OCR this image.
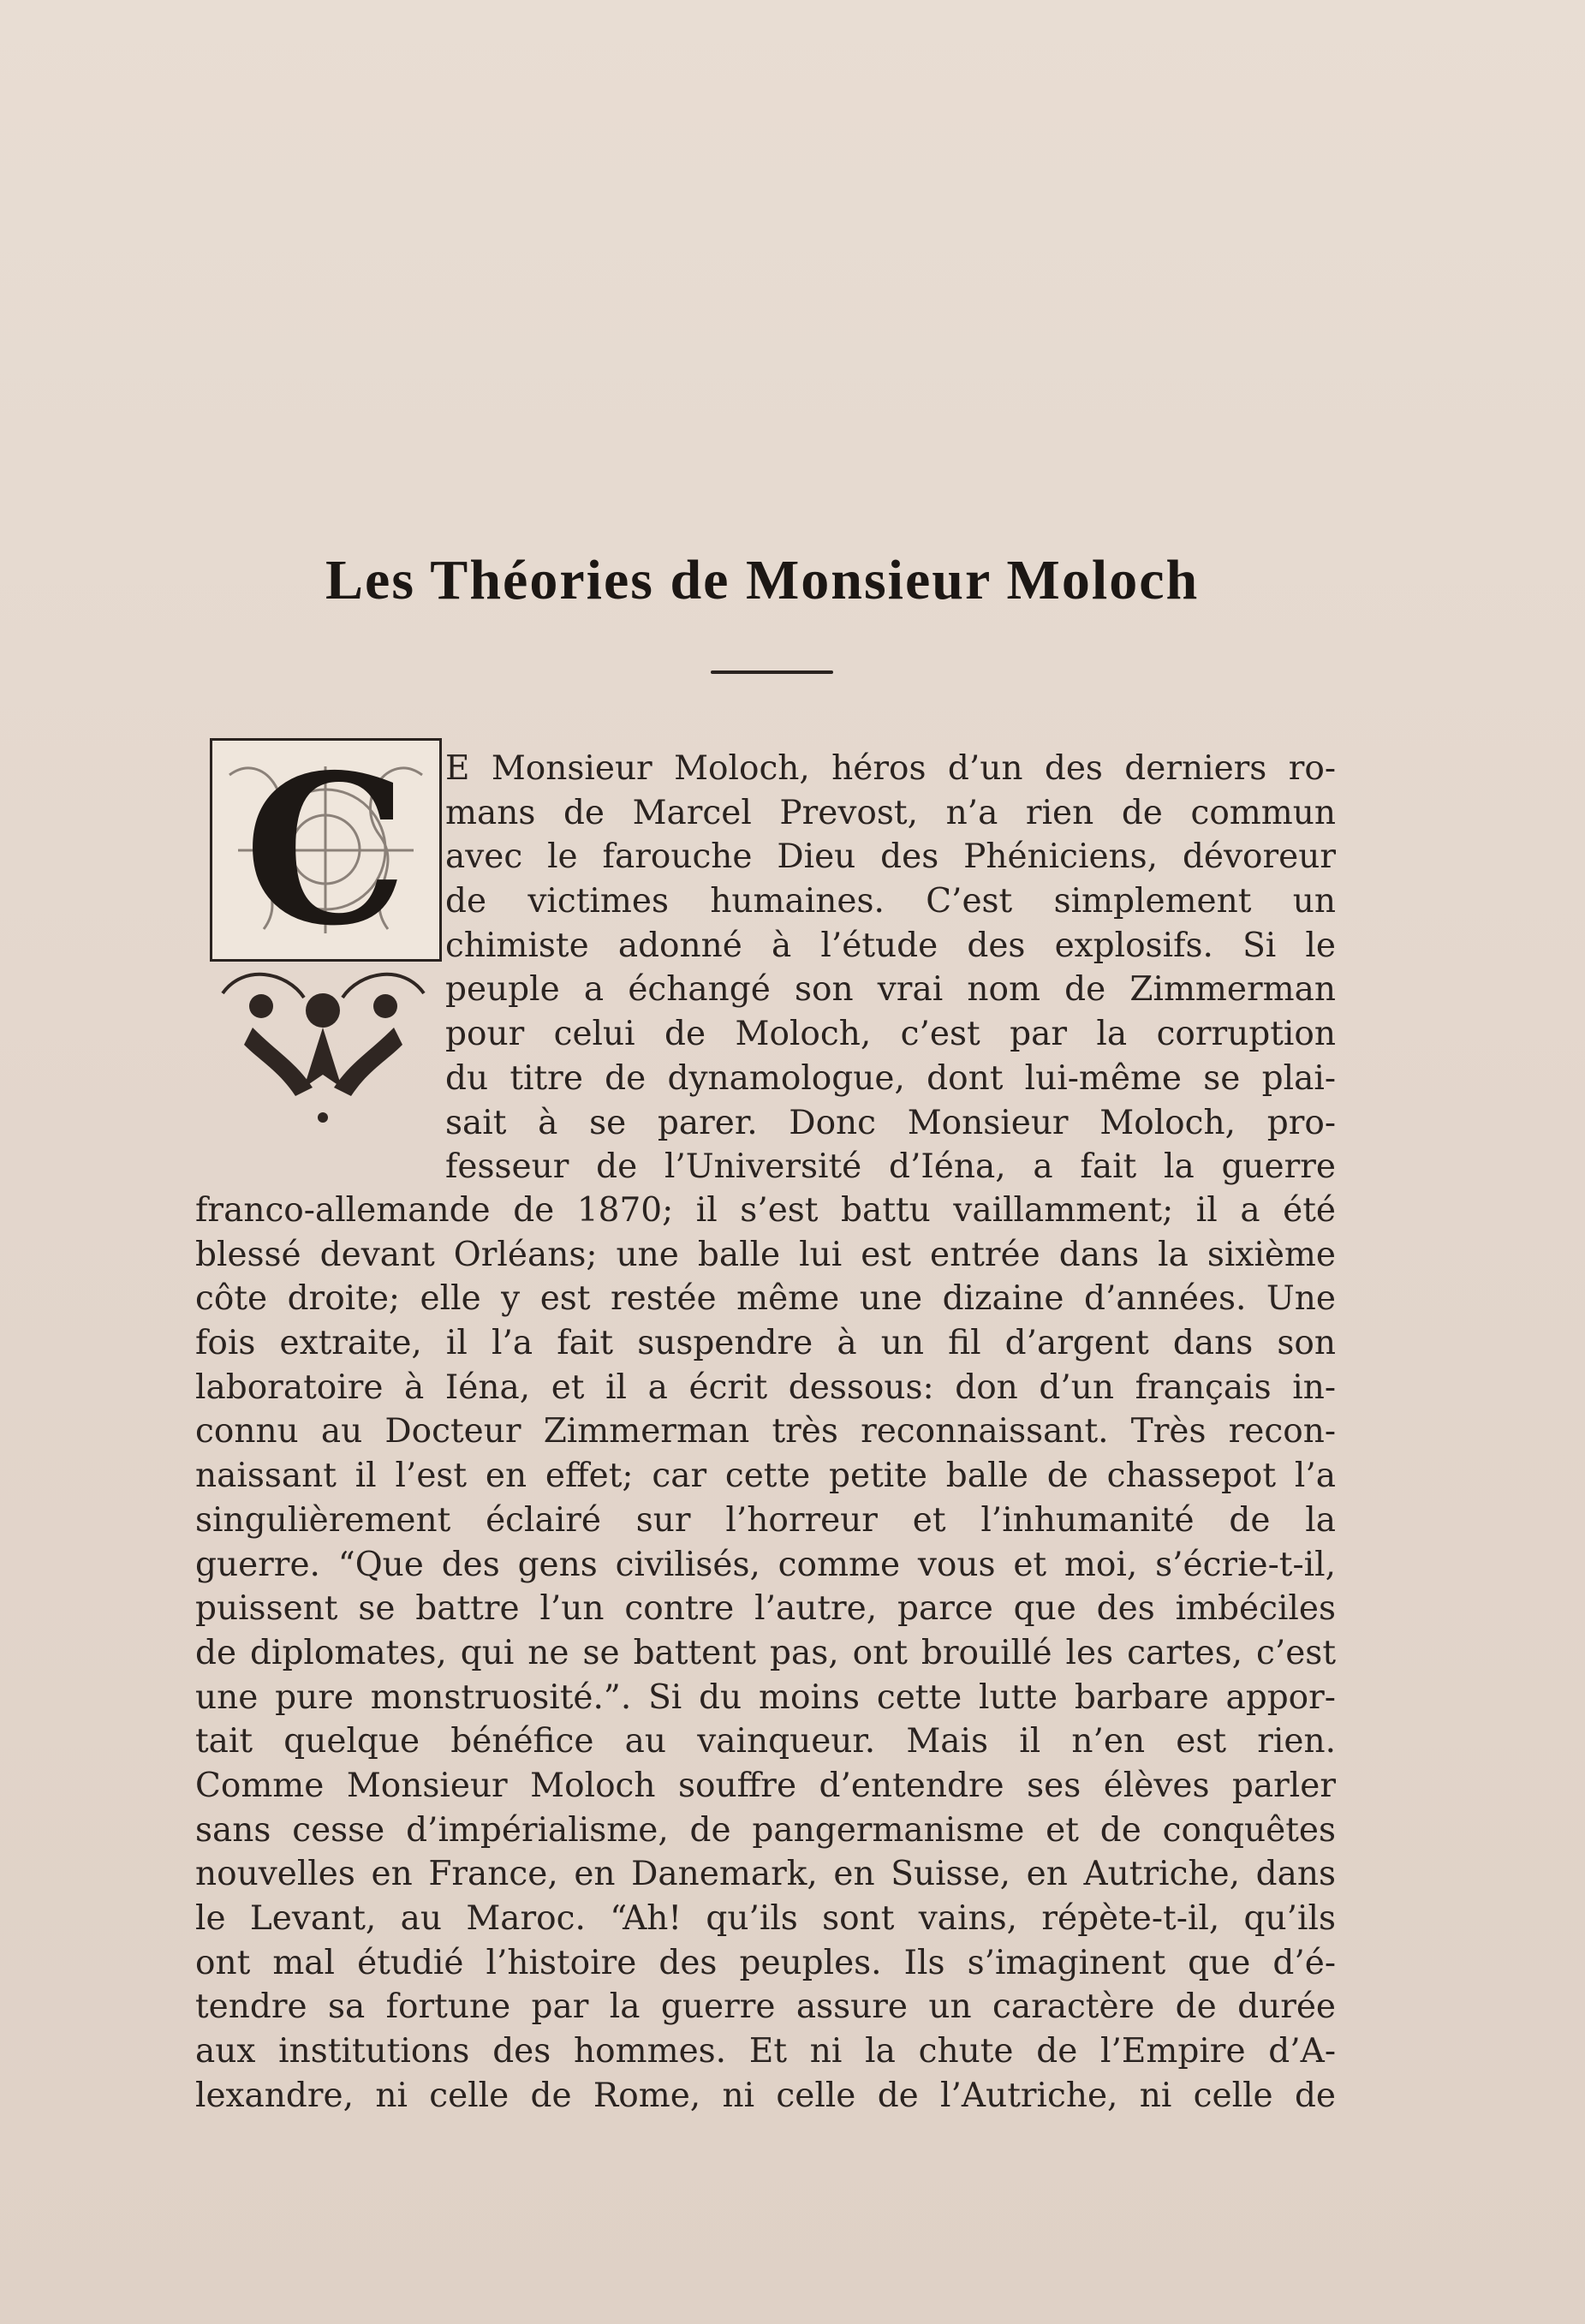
Les Théories de Monsieur Moloch
C	E Monsieur Moloch, héros d’un des derniers ro-
mans de Marcel Prevost, n’a rien de commun
avec le farouche Dieu des Phéniciens, dévoreur
de victimes humaines. C’est simplement un
chimiste adonné à l’étude des explosifs. Si le
peuple a échangé son vrai nom de Zimmerman
pour celui de Moloch, c’est par la corruption
du titre de dynamologue, dont lui-même se plai-
sait à se parer. Donc Monsieur Moloch, pro-
fesseur de l’Université d’Iéna, a fait la guerre
franco-allemande de 1870; il s’est battu vaillamment; il a été
blessé devant Orléans; une balle lui est entrée dans la sixième
côte droite; elle y est restée même une dizaine d’années. Une
fois extraite, il l’a fait suspendre à un fil d’argent dans son
laboratoire à Iéna, et il a écrit dessous: don d’un français in-
connu au Docteur Zimmerman très reconnaissant. Très recon-
naissant il l’est en effet; car cette petite balle de chassepot l’a
singulièrement éclairé sur l’horreur et l’inhumanité de la
guerre. “Que des gens civilisés, comme vous et moi, s’écrie-t-il,
puissent se battre l’un contre l’autre, parce que des imbéciles
de diplomates, qui ne se battent pas, ont brouillé les cartes, c’est
une pure monstruosité.”. Si du moins cette lutte barbare appor-
tait quelque bénéfice au vainqueur. Mais il n’en est rien.
Comme Monsieur Moloch souffre d’entendre ses élèves parler
sans cesse d’impérialisme, de pangermanisme et de conquêtes
nouvelles en France, en Danemark, en Suisse, en Autriche, dans
le Levant, au Maroc. “Ah! qu’ils sont vains, répète-t-il, qu’ils
ont mal étudié l’histoire des peuples. Ils s’imaginent que d’é-
tendre sa fortune par la guerre assure un caractère de durée
aux institutions des hommes. Et ni la chute de l’Empire d’A-
lexandre, ni celle de Rome, ni celle de l’Autriche, ni celle de
